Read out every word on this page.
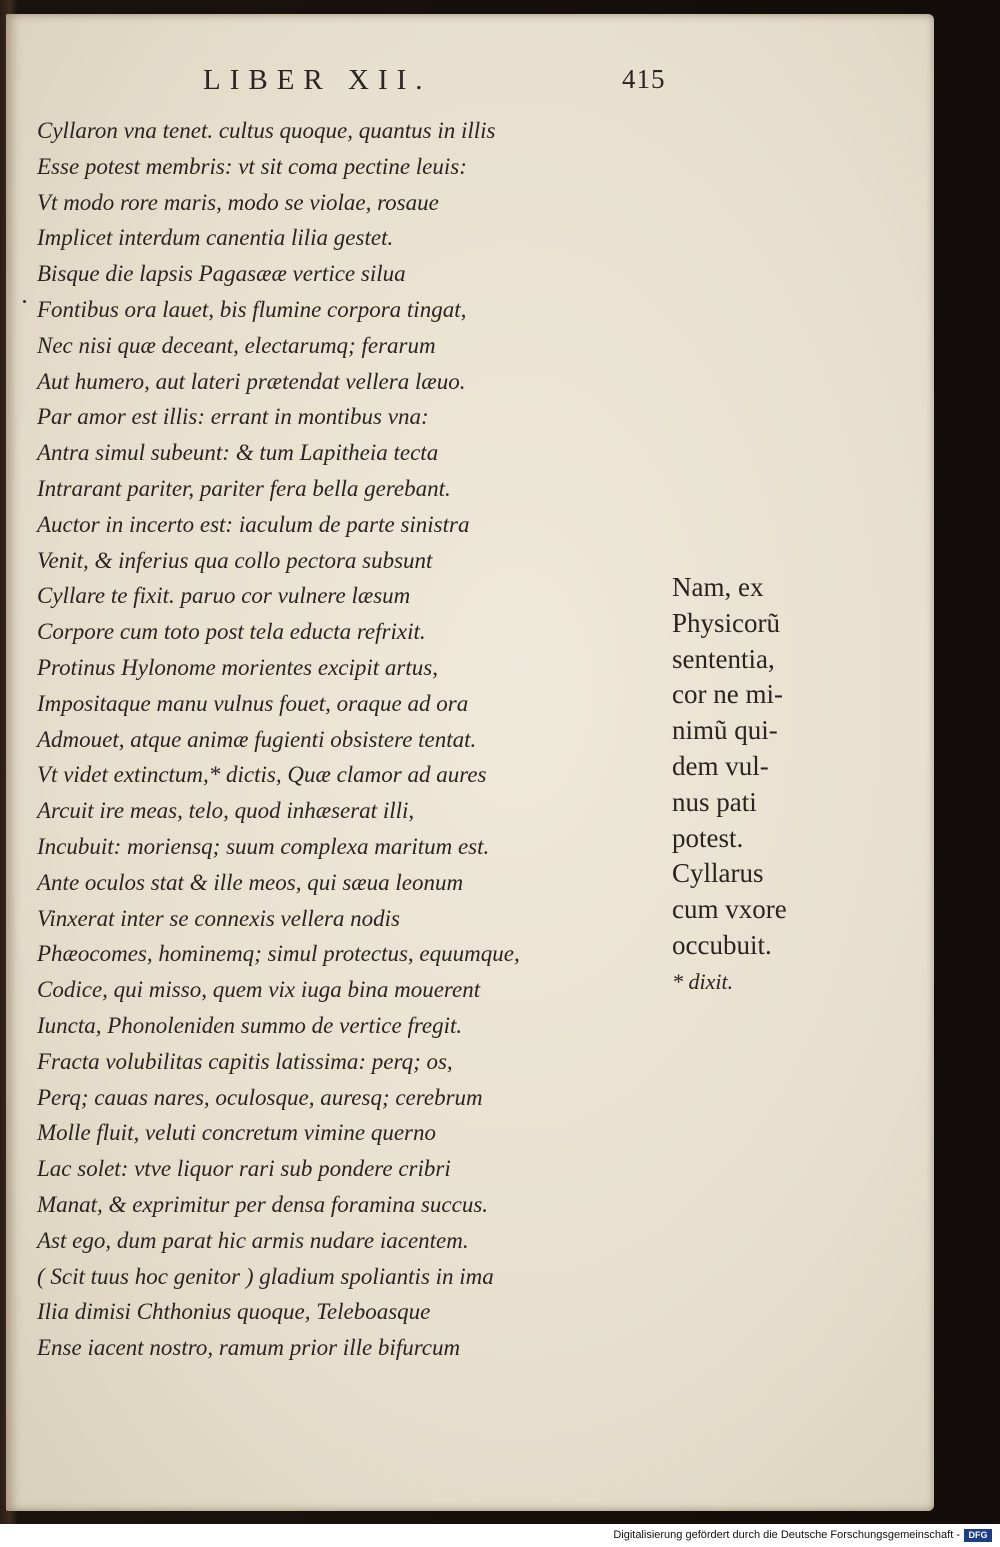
LIBER XII.	415
Cyllaron vna tenet. cultus quoque, quantus in illis
Esse potest membris: vt sit coma pectine leuis:
Vt modo rore maris, modo se violae, rosaue
Implicet interdum canentia lilia gestet.
Bisque die lapsis Pagasææ vertice silua
Fontibus ora lauet, bis flumine corpora tingat,
Nec nisi quæ deceant, electarumq; ferarum
Aut humero, aut lateri prætendat vellera læuo.
Par amor est illis: errant in montibus vna:
Antra simul subeunt: & tum Lapitheia tecta
Intrarant pariter, pariter fera bella gerebant.
Auctor in incerto est: iaculum de parte sinistra
Venit, & inferius qua collo pectora subsunt
Cyllare te fixit. paruo cor vulnere læsum
Corpore cum toto post tela educta refrixit.
Protinus Hylonome morientes excipit artus,
Impositaque manu vulnus fouet, oraque ad ora
Admouet, atque animæ fugienti obsistere tentat.
Vt videt extinctum,* dictis, Quæ clamor ad aures
Arcuit ire meas, telo, quod inhæserat illi,
Incubuit: moriensq; suum complexa maritum est.
Ante oculos stat & ille meos, qui sæua leonum
Vinxerat inter se connexis vellera nodis
Phæocomes, hominemq; simul protectus, equumque,
Codice, qui misso, quem vix iuga bina mouerent
Iuncta, Phonoleniden summo de vertice fregit.
Fracta volubilitas capitis latissima: perq; os,
Perq; cauas nares, oculosque, auresq; cerebrum
Molle fluit, veluti concretum vimine querno
Lac solet: vtve liquor rari sub pondere cribri
Manat, & exprimitur per densa foramina succus.
Ast ego, dum parat hic armis nudare iacentem.
( Scit tuus hoc genitor ) gladium spoliantis in ima
Ilia dimisi Chthonius quoque, Teleboasque
Ense iacent nostro, ramum prior ille bifurcum
Nam, ex
Physicorũ
sententia,
cor ne mi-
nimũ qui-
dem vul-
nus pati
potest.
Cyllarus
cum vxore
occubuit.
* dixit.
Digitalisierung gefördert durch die Deutsche Forschungsgemeinschaft - DFG
